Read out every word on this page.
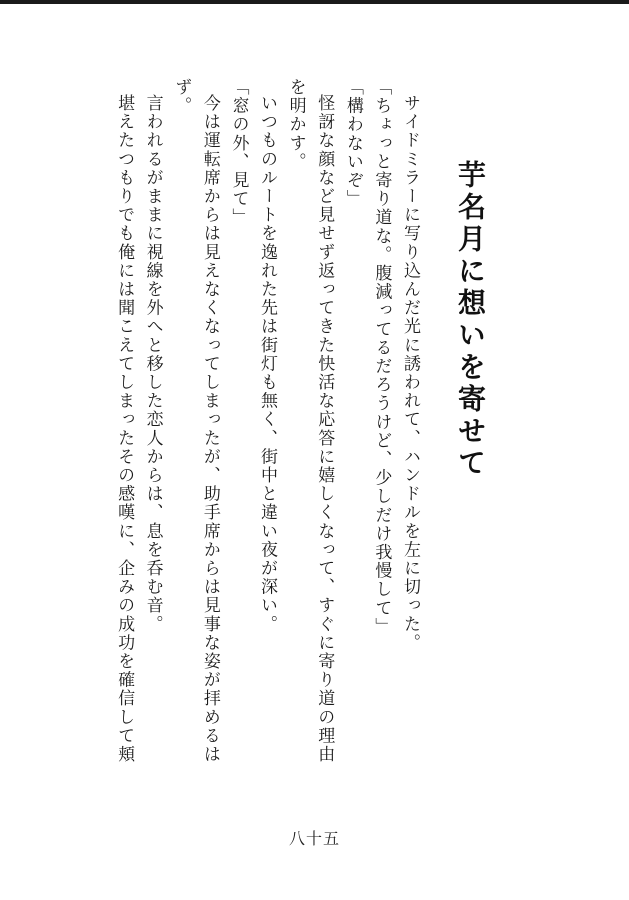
芋名月に想いを寄せて
サイドミラーに写り込んだ光に誘われて、ハンドルを左に切った。
「ちょっと寄り道な。腹減ってるだろうけど、少しだけ我慢して」
「構わないぞ」
怪訝な顔など見せず返ってきた快活な応答に嬉しくなって、すぐに寄り道の理由
を明かす。
いつものルートを逸れた先は街灯も無く、街中と違い夜が深い。
「窓の外、見て」
今は運転席からは見えなくなってしまったが、助手席からは見事な姿が拝めるは
ず。
言われるがままに視線を外へと移した恋人からは、息を呑む音。
堪えたつもりでも俺には聞こえてしまったその感嘆に、企みの成功を確信して頬
八十五
